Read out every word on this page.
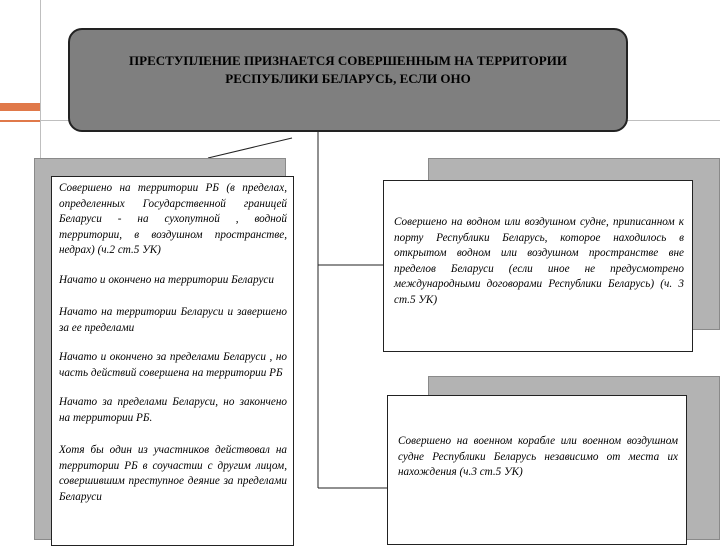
ПРЕСТУПЛЕНИЕ ПРИЗНАЕТСЯ СОВЕРШЕННЫМ НА ТЕРРИТОРИИ РЕСПУБЛИКИ БЕЛАРУСЬ, ЕСЛИ ОНО
Совершено на территории РБ (в пределах, определенных Государственной границей Беларуси - на сухопутной , водной территории, в воздушном пространстве, недрах) (ч.2 ст.5 УК)
Начато и окончено на территории Беларуси
Начато на территории Беларуси и завершено за ее пределами
Начато и окончено за пределами Беларуси , но часть действий совершена на территории РБ
Начато за пределами Беларуси, но закончено на территории РБ.
Хотя бы один из участников действовал на территории РБ в соучастии с другим лицом, совершившим преступное деяние за пределами Беларуси
Совершено на водном или воздушном судне, приписанном к порту Республики Беларусь, которое находилось в открытом водном или воздушном пространстве вне пределов Беларуси (если иное не предусмотрено международными договорами Республики Беларусь) (ч. 3 ст.5 УК)
Совершено на военном корабле или военном воздушном судне Республики Беларусь независимо от места их нахождения (ч.3 ст.5 УК)
